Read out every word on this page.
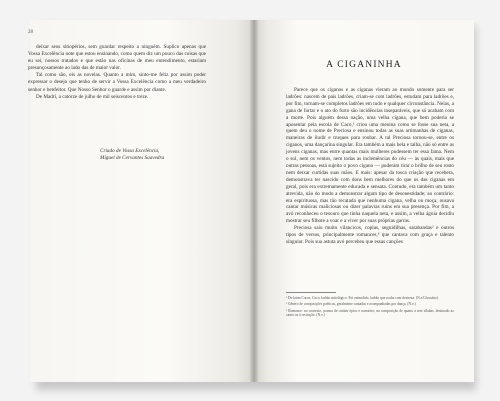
28

deixar seus sitiopérios, sem guardar respeito a ninguém. Suplico apenas que Vossa Excelência note que estou ensinando, como quem diz um pouco das coisas que eu sei, nossos tratados e que estão nas oficinas de meu entendimento, estariam presunçosamente ao lado das de maior valor.

Tal como são, eis as novelas. Quanto a mim, sinto-me feliz por assim poder expressar o desejo que tenho de servir a Vossa Excelência como a meu verdadeiro senhor e benfeitor. Que Nosso Senhor o guarde e assim por diante.

De Madri, a catorze de julho de mil seiscentos e treze.

Criado de Vossa Excelência,
Miguel de Cervantes Saavedra
A CIGANINHA

Parece que os ciganos e as ciganas vieram ao mundo somente para ser ladrões: nascem de pais ladrões, criam-se com ladrões, estudam para ladrões e, por fim, tornam-se completos ladrões em tudo e qualquer circunstância. Nelas, a gana de furtar e o ato do furto são incidências inseparáveis, que só acabam com a morte. Pois alguém dessa nação, uma velha cigana, que bem poderia se aposentar pela escola de Caco,¹ criou uma menina como se fosse sua neta, a quem deu o nome de Preciosa e ensinou todas as suas artimanhas de ciganas, maneiras de iludir e truques para roubar. A tal Preciosa tornou-se, entre os ciganos, uma dançarina singular. Era também a mais bela e talha, não só entre as jovens ciganas, mas entre quantas mais mulheres pudessem ter essa fama. Nem o sol, nem os ventos, nem todas as inclemências do céu — às quais, mais que outras pessoas, está sujeito o povo cigano — puderam tirar o brilho de seu rosto nem deixar curtidas suas mãos. E mais: apesar da tosca criação que recebera, demonstrava ter nascido com dons bem melhores do que os das ciganas em geral, pois era extremamente educada e sensata. Contudo, era também um tanto atrevida, não do modo a demonstrar algum tipo de desonestidade; ao contrário: era espirituosa, mas tão recatada que nenhuma cigana, velha ou moça, ousava cantar músicas maliciosas ou dizer palavras ruins em sua presença. Por fim, a avó reconheceu o tesouro que tinha naquela neta, e assim, a velha águia decidiu mostrar seu filhote a voar e a viver por suas próprias garras.

Preciosa saiu muito vilancicos, coplas, seguidilhas, sarabandas² e outros tipos de versos, principalmente romances,³ que cantava com graça e talento singular. Pois sua astuta avó percebeu que essas canções

¹ Do latim Cacus, Caco, ladrão mitológico. Foi entendido, ladrão que rouba com destreza. (N.e/Glossário)

² Gênero de composições poéticas, geralmente cantadas e acompanhadas por dança. (N.e.)

³ Romance: no contexto, poema de caráter épico e narrativo, na composição de quatro a sete sílabas, destinado ao canto ou à recitação. (N.e.)
